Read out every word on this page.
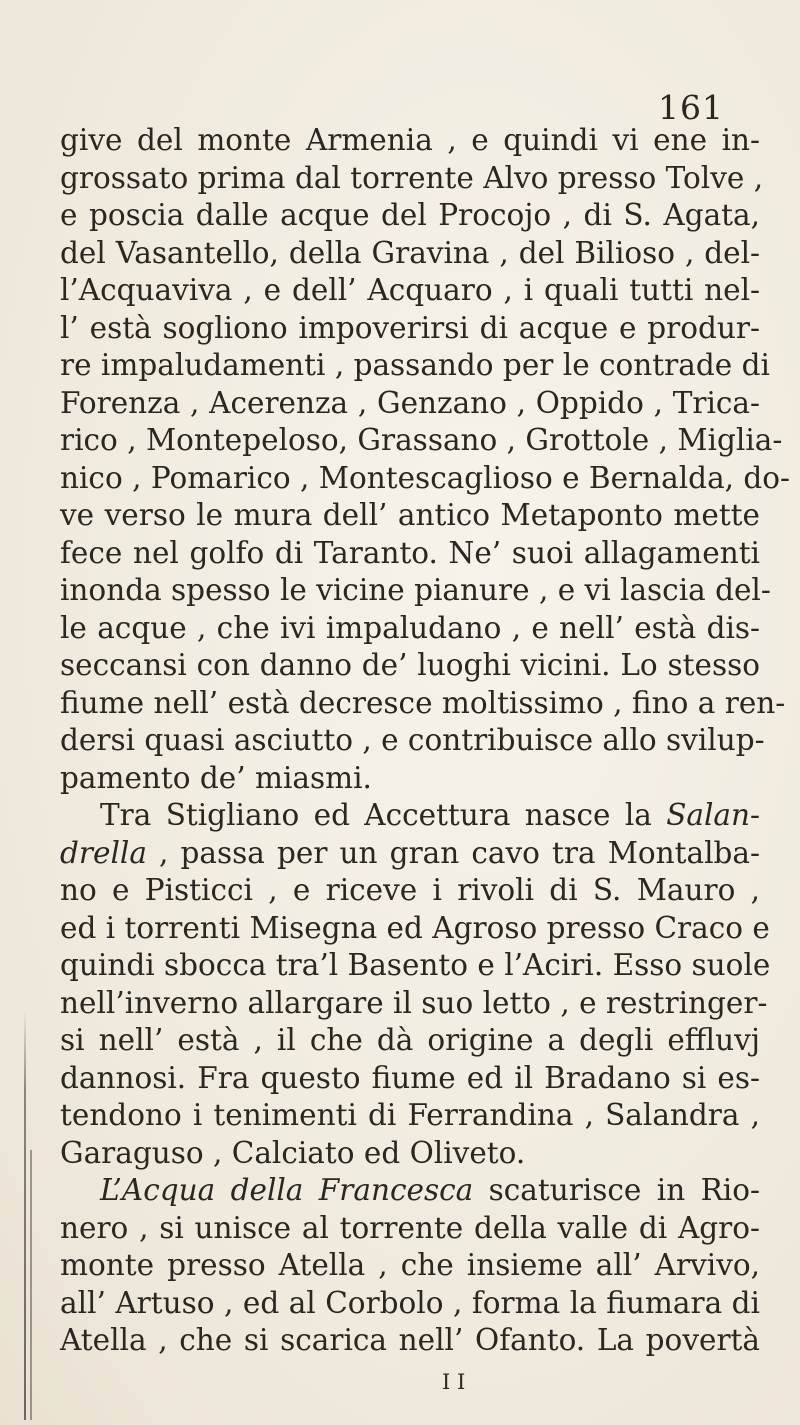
161
give del monte Armenia , e quindi vi ene in-
grossato prima dal torrente Alvo presso Tolve ,
e poscia dalle acque del Procojo , di S. Agata,
del Vasantello, della Gravina , del Bilioso , del-
l’Acquaviva , e dell’ Acquaro , i quali tutti nel-
l’ està sogliono impoverirsi di acque e produr-
re impaludamenti , passando per le contrade di
Forenza , Acerenza , Genzano , Oppido , Trica-
rico , Montepeloso, Grassano , Grottole , Miglia-
nico , Pomarico , Montescaglioso e Bernalda, do-
ve verso le mura dell’ antico Metaponto mette
fece nel golfo di Taranto. Ne’ suoi allagamenti
inonda spesso le vicine pianure , e vi lascia del-
le acque , che ivi impaludano , e nell’ està dis-
seccansi con danno de’ luoghi vicini. Lo stesso
fiume nell’ està decresce moltissimo , fino a ren-
dersi quasi asciutto , e contribuisce allo svilup-
pamento de’ miasmi.
Tra Stigliano ed Accettura nasce la Salan-
drella , passa per un gran cavo tra Montalba-
no e Pisticci , e riceve i rivoli di S. Mauro ,
ed i torrenti Misegna ed Agroso presso Craco e
quindi sbocca tra’l Basento e l’Aciri. Esso suole
nell’inverno allargare il suo letto , e restringer-
si nell’ està , il che dà origine a degli effluvj
dannosi. Fra questo fiume ed il Bradano si es-
tendono i tenimenti di Ferrandina , Salandra ,
Garaguso , Calciato ed Oliveto.
L’Acqua della Francesca scaturisce in Rio-
nero , si unisce al torrente della valle di Agro-
monte presso Atella , che insieme all’ Arvivo,
all’ Artuso , ed al Corbolo , forma la fiumara di
Atella , che si scarica nell’ Ofanto. La povertà
I I
